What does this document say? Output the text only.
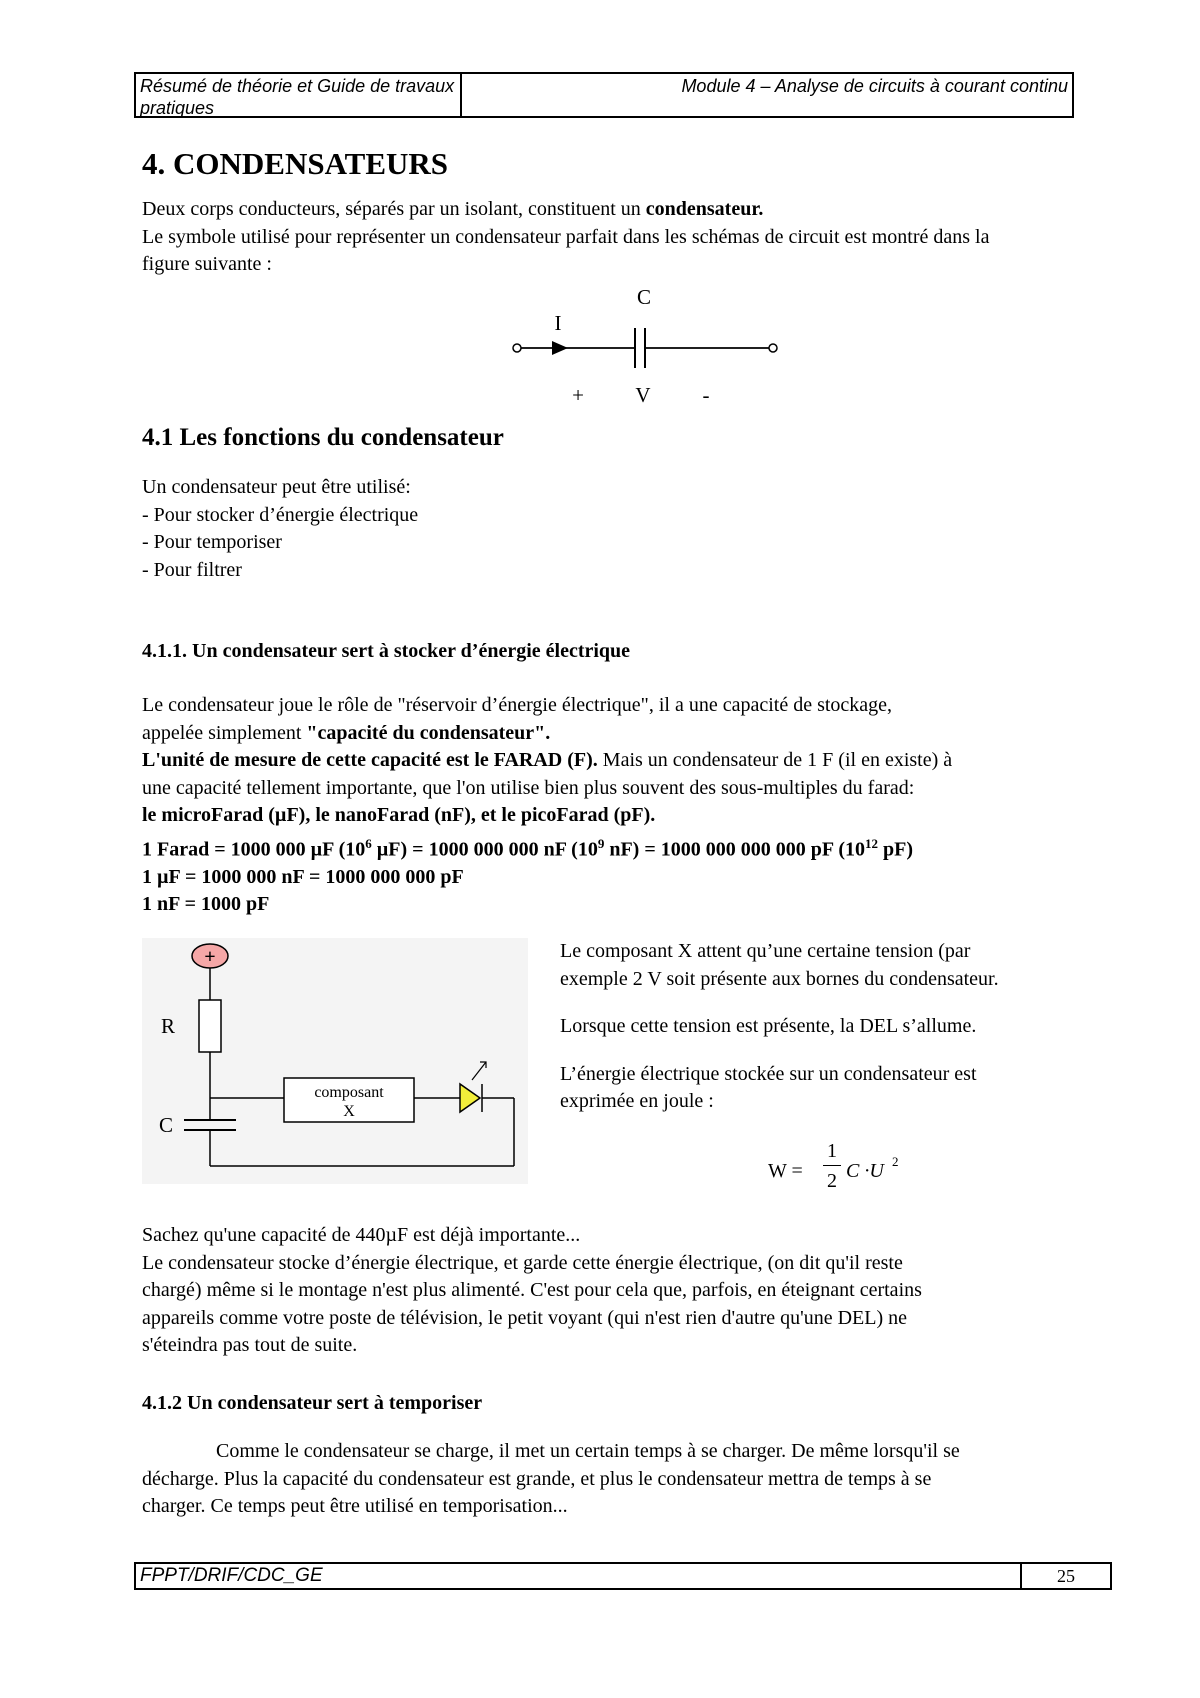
Résumé de théorie et Guide de travaux pratiques
Module 4 – Analyse de circuits à courant continu
4. CONDENSATEURS
Deux corps conducteurs, séparés par un isolant, constituent un condensateur.
Le symbole utilisé pour représenter un condensateur parfait dans les schémas de circuit est montré dans la
figure suivante :
C
I
+ V -
4.1 Les fonctions du condensateur
Un condensateur peut être utilisé:
- Pour stocker d’énergie électrique
- Pour temporiser
- Pour filtrer
4.1.1. Un condensateur sert à stocker d’énergie électrique
Le condensateur joue le rôle de "réservoir d’énergie électrique", il a une capacité de stockage,
appelée simplement "capacité du condensateur".
L'unité de mesure de cette capacité est le FARAD (F). Mais un condensateur de 1 F (il en existe) à
une capacité tellement importante, que l'on utilise bien plus souvent des sous-multiples du farad:
le microFarad (µF), le nanoFarad (nF), et le picoFarad (pF).
1 Farad = 1000 000 µF ($10^6$ µF) = 1000 000 000 nF ($10^9$ nF) = 1000 000 000 000 pF ($10^{12}$ pF)
1 µF = 1000 000 nF = 1000 000 000 pF
1 nF = 1000 pF
+
R
composant
X
C
Le composant X attent qu’une certaine tension (par
exemple 2 V soit présente aux bornes du condensateur.
Lorsque cette tension est présente, la DEL s’allume.
L’énergie électrique stockée sur un condensateur est
exprimée en joule :
W =
1
2 C ·U 2
Sachez qu'une capacité de 440µF est déjà importante...
Le condensateur stocke d’énergie électrique, et garde cette énergie électrique, (on dit qu'il reste
chargé) même si le montage n'est plus alimenté. C'est pour cela que, parfois, en éteignant certains
appareils comme votre poste de télévision, le petit voyant (qui n'est rien d'autre qu'une DEL) ne
s'éteindra pas tout de suite.
4.1.2 Un condensateur sert à temporiser
Comme le condensateur se charge, il met un certain temps à se charger. De même lorsqu'il se
décharge. Plus la capacité du condensateur est grande, et plus le condensateur mettra de temps à se
charger. Ce temps peut être utilisé en temporisation...
FPPT/DRIF/CDC_GE	25
